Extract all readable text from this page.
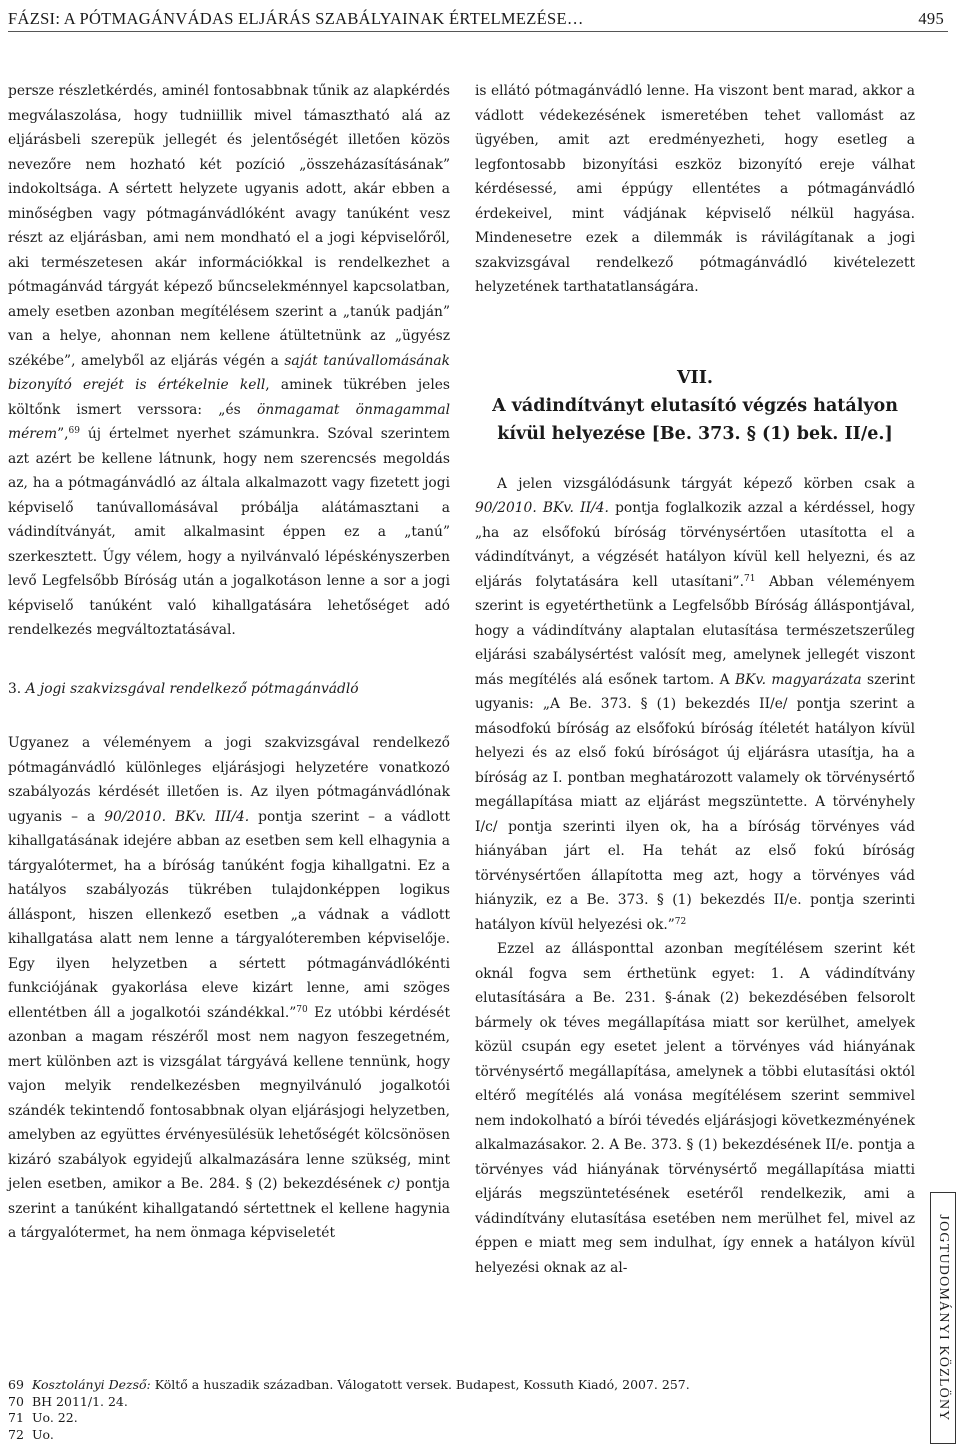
FÁZSI: A PÓTMAGÁNVÁDAS ELJÁRÁS SZABÁLYAINAK ÉRTELMEZÉSE…	495

persze részletkérdés, aminél fontosabbnak tűnik az alapkérdés megválaszolása, hogy tudniillik mivel támasztható alá az eljárásbeli szerepük jellegét és jelentőségét illetően közös nevezőre nem hozható két pozíció „összeházasításának” indokoltsága. A sértett helyzete ugyanis adott, akár ebben a minőségben vagy pótmagánvádlóként avagy tanúként vesz részt az eljárásban, ami nem mondható el a jogi képviselőről, aki természetesen akár információkkal is rendelkezhet a pótmagánvád tárgyát képező bűncselekménnyel kapcsolatban, amely esetben azonban megítélésem szerint a „tanúk padján” van a helye, ahonnan nem kellene átültetnünk az „ügyész székébe”, amelyből az eljárás végén a saját tanúvallomásának bizonyító erejét is értékelnie kell, aminek tükrében jeles költőnk ismert verssora: „és önmagamat önmagammal mérem”,$^{69}$ új értelmet nyerhet számunkra. Szóval szerintem azt azért be kellene látnunk, hogy nem szerencsés megoldás az, ha a pótmagánvádló az általa alkalmazott vagy fizetett jogi képviselő tanúvallomásával próbálja alátámasztani a vádindítványát, amit alkalmasint éppen ez a „tanú” szerkesztett. Úgy vélem, hogy a nyilvánvaló lépéskényszerben levő Legfelsőbb Bíróság után a jogalkotáson lenne a sor a jogi képviselő tanúként való kihallgatására lehetőséget adó rendelkezés megváltoztatásával.

3. A jogi szakvizsgával rendelkező pótmagánvádló

Ugyanez a véleményem a jogi szakvizsgával rendelkező pótmagánvádló különleges eljárásjogi helyzetére vonatkozó szabályozás kérdését illetően is. Az ilyen pótmagánvádlónak ugyanis – a 90/2010. BKv. III/4. pontja szerint – a vádlott kihallgatásának idejére abban az esetben sem kell elhagynia a tárgyalótermet, ha a bíróság tanúként fogja kihallgatni. Ez a hatályos szabályozás tükrében tulajdonképpen logikus álláspont, hiszen ellenkező esetben „a vádnak a vádlott kihallgatása alatt nem lenne a tárgyalóteremben képviselője. Egy ilyen helyzetben a sértett pótmagánvádlókénti funkciójának gyakorlása eleve kizárt lenne, ami szöges ellentétben áll a jogalkotói szándékkal.”$^{70}$ Ez utóbbi kérdését azonban a magam részéről most nem nagyon feszegetném, mert különben azt is vizsgálat tárgyává kellene tennünk, hogy vajon melyik rendelkezésben megnyilvánuló jogalkotói szándék tekintendő fontosabbnak olyan eljárásjogi helyzetben, amelyben az együttes érvényesülésük lehetőségét kölcsönösen kizáró szabályok egyidejű alkalmazására lenne szükség, mint jelen esetben, amikor a Be. 284. § (2) bekezdésének c) pontja szerint a tanúként kihallgatandó sértettnek el kellene hagynia a tárgyalótermet, ha nem önmaga képviseletét

is ellátó pótmagánvádló lenne. Ha viszont bent marad, akkor a vádlott védekezésének ismeretében tehet vallomást az ügyében, amit azt eredményezheti, hogy esetleg a legfontosabb bizonyítási eszköz bizonyító ereje válhat kérdésessé, ami éppúgy ellentétes a pótmagánvádló érdekeivel, mint vádjának képviselő nélkül hagyása. Mindenesetre ezek a dilemmák is rávilágítanak a jogi szakvizsgával rendelkező pótmagánvádló kivételezett helyzetének tarthatatlanságára.

VII.
A vádindítványt elutasító végzés hatályon
kívül helyezése [Be. 373. § (1) bek. II/e.]

A jelen vizsgálódásunk tárgyát képező körben csak a 90/2010. BKv. II/4. pontja foglalkozik azzal a kérdéssel, hogy „ha az elsőfokú bíróság törvénysértően utasította el a vádindítványt, a végzését hatályon kívül kell helyezni, és az eljárás folytatására kell utasítani”.$^{71}$ Abban véleményem szerint is egyetérthetünk a Legfelsőbb Bíróság álláspontjával, hogy a vádindítvány alaptalan elutasítása természetszerűleg eljárási szabálysértést valósít meg, amelynek jellegét viszont más megítélés alá esőnek tartom. A BKv. magyarázata szerint ugyanis: „A Be. 373. § (1) bekezdés II/e/ pontja szerint a másodfokú bíróság az elsőfokú bíróság ítéletét hatályon kívül helyezi és az első fokú bíróságot új eljárásra utasítja, ha a bíróság az I. pontban meghatározott valamely ok törvénysértő megállapítása miatt az eljárást megszüntette. A törvényhely I/c/ pontja szerinti ilyen ok, ha a bíróság törvényes vád hiányában járt el. Ha tehát az első fokú bíróság törvénysértően állapította meg azt, hogy a törvényes vád hiányzik, ez a Be. 373. § (1) bekezdés II/e. pontja szerinti hatályon kívül helyezési ok.”$^{72}$

Ezzel az állásponttal azonban megítélésem szerint két oknál fogva sem érthetünk egyet: 1. A vádindítvány elutasítására a Be. 231. §-ának (2) bekezdésében felsorolt bármely ok téves megállapítása miatt sor kerülhet, amelyek közül csupán egy esetet jelent a törvényes vád hiányának törvénysértő megállapítása, amelynek a többi elutasítási októl eltérő megítélés alá vonása megítélésem szerint semmivel nem indokolható a bírói tévedés eljárásjogi következményének alkalmazásakor. 2. A Be. 373. § (1) bekezdésének II/e. pontja a törvényes vád hiányának törvénysértő megállapítása miatti eljárás megszüntetésének esetéről rendelkezik, ami a vádindítvány elutasítása esetében nem merülhet fel, mivel az éppen e miatt meg sem indulhat, így ennek a hatályon kívül helyezési oknak az al-

69 Kosztolányi Dezső: Költő a huszadik században. Válogatott versek. Budapest, Kossuth Kiadó, 2007. 257.
70 BH 2011/1. 24.
71 Uo. 22.
72 Uo.
JOGTUDOMÁNYI KÖZLÖNY
